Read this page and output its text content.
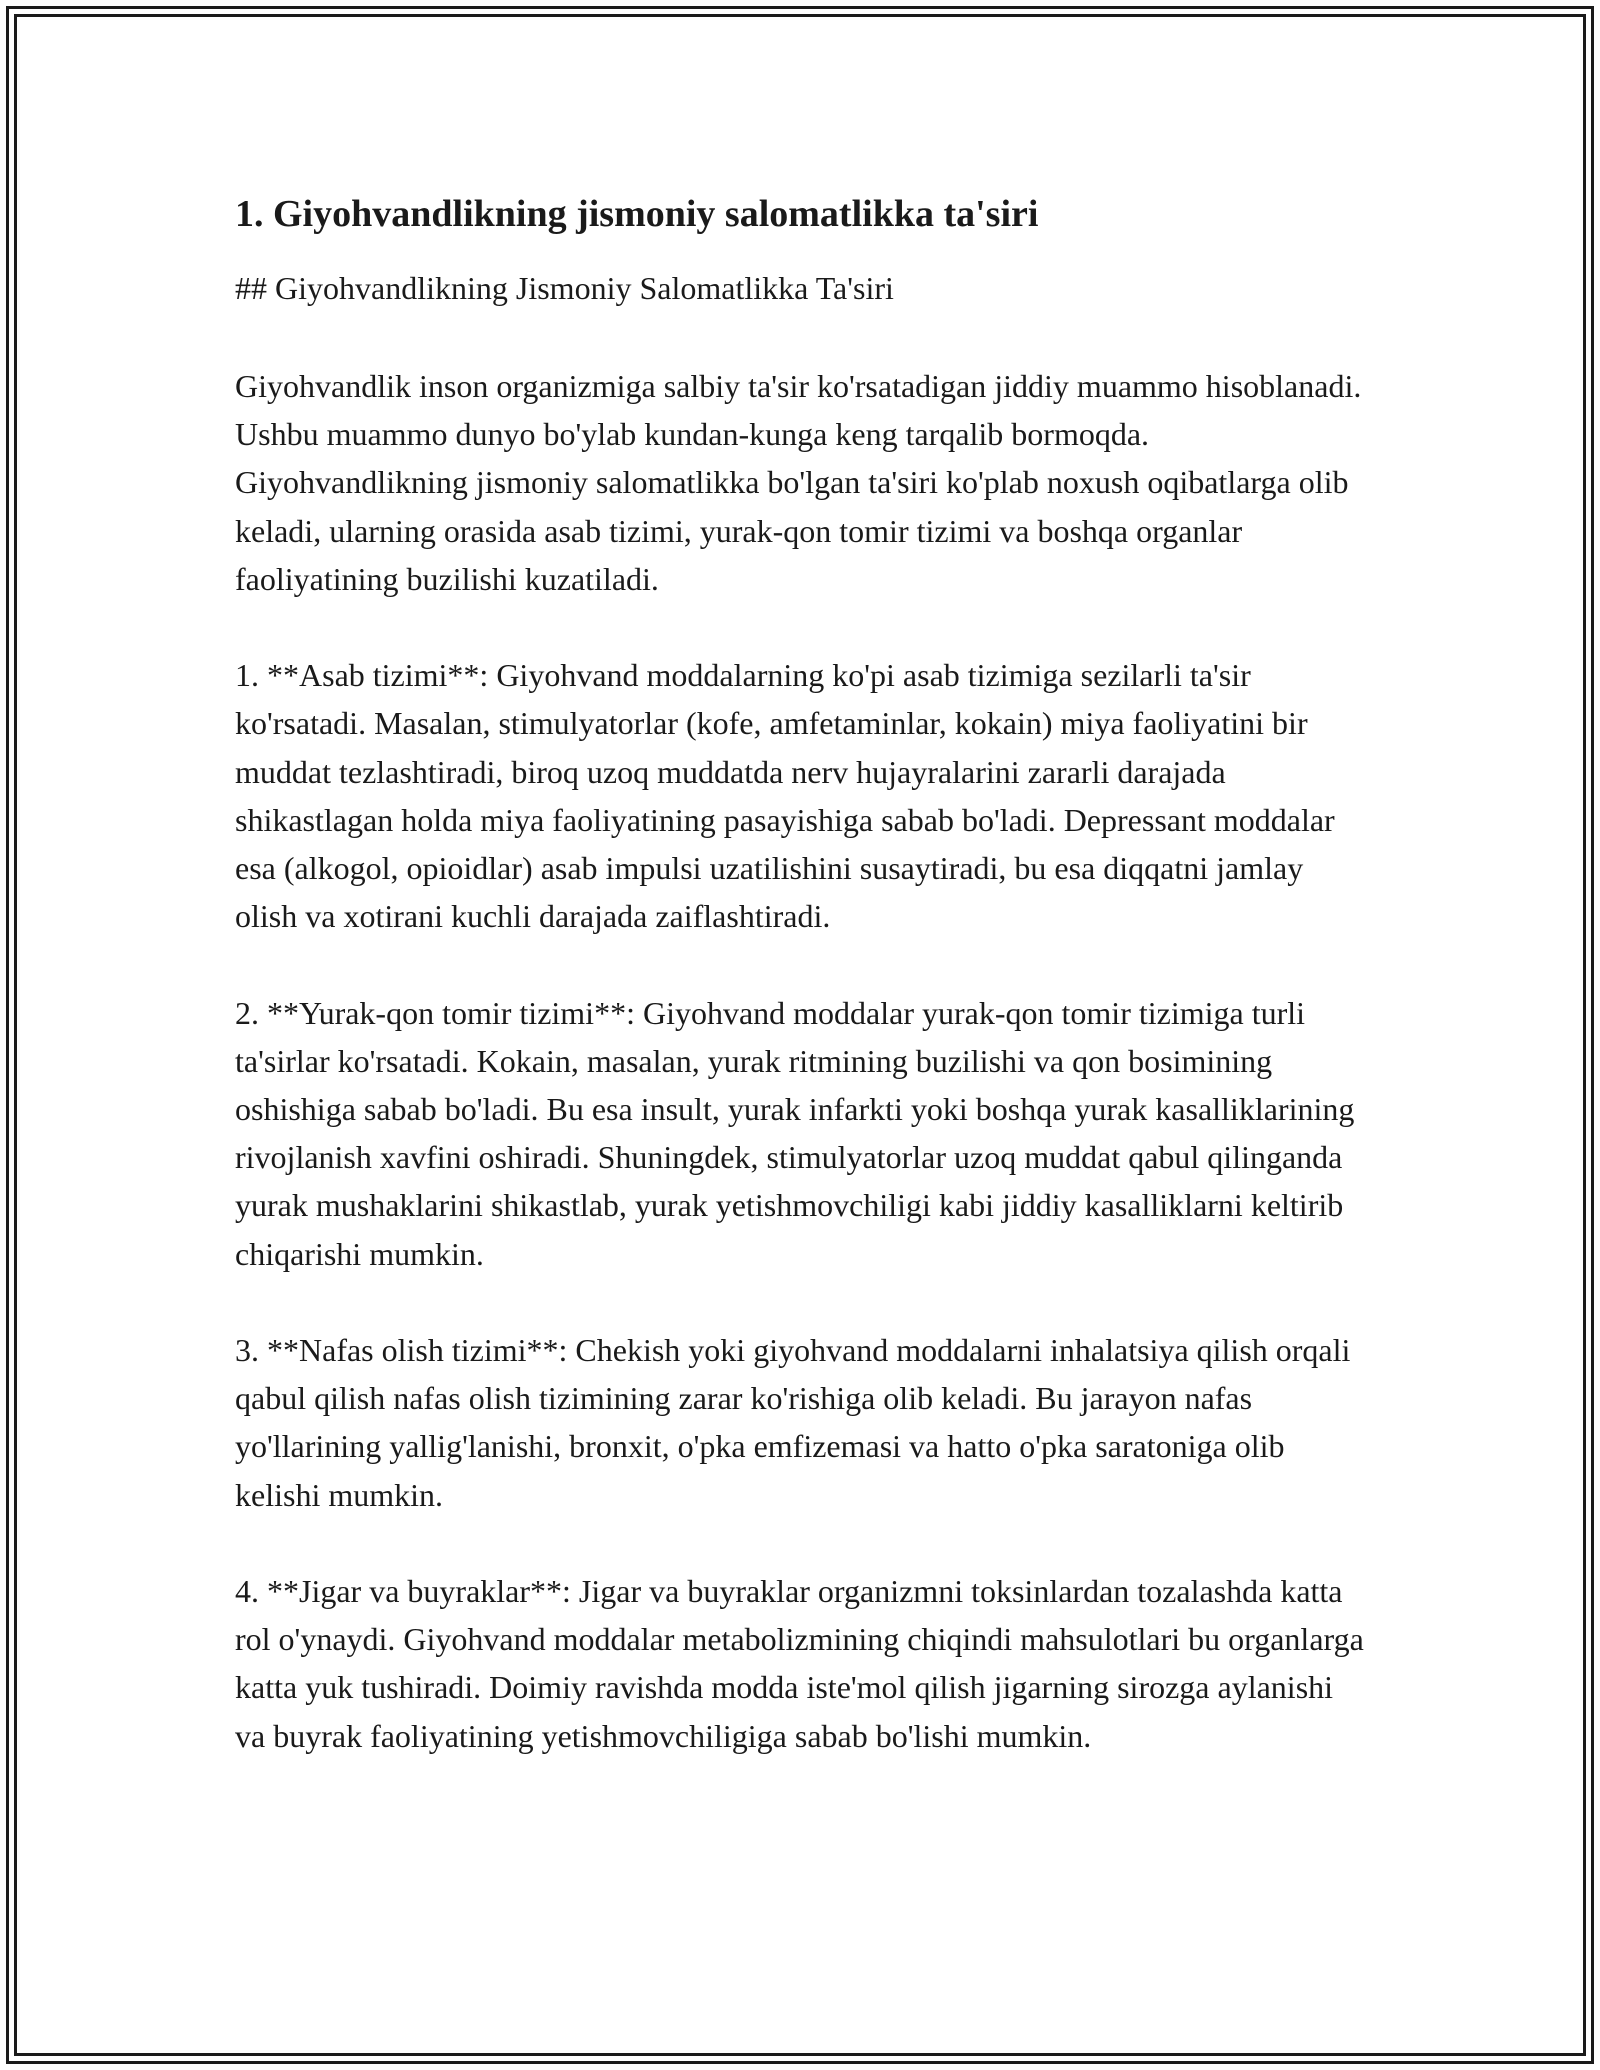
1. Giyohvandlikning jismoniy salomatlikka ta'siri

## Giyohvandlikning Jismoniy Salomatlikka Ta'siri

Giyohvandlik inson organizmiga salbiy ta'sir ko'rsatadigan jiddiy muammo hisoblanadi. Ushbu muammo dunyo bo'ylab kundan-kunga keng tarqalib bormoqda. Giyohvandlikning jismoniy salomatlikka bo'lgan ta'siri ko'plab noxush oqibatlarga olib keladi, ularning orasida asab tizimi, yurak-qon tomir tizimi va boshqa organlar faoliyatining buzilishi kuzatiladi.

1. **Asab tizimi**: Giyohvand moddalarning ko'pi asab tizimiga sezilarli ta'sir ko'rsatadi. Masalan, stimulyatorlar (kofe, amfetaminlar, kokain) miya faoliyatini bir muddat tezlashtiradi, biroq uzoq muddatda nerv hujayralarini zararli darajada shikastlagan holda miya faoliyatining pasayishiga sabab bo'ladi. Depressant moddalar esa (alkogol, opioidlar) asab impulsi uzatilishini susaytiradi, bu esa diqqatni jamlay olish va xotirani kuchli darajada zaiflashtiradi.

2. **Yurak-qon tomir tizimi**: Giyohvand moddalar yurak-qon tomir tizimiga turli ta'sirlar ko'rsatadi. Kokain, masalan, yurak ritmining buzilishi va qon bosimining oshishiga sabab bo'ladi. Bu esa insult, yurak infarkti yoki boshqa yurak kasalliklarining rivojlanish xavfini oshiradi. Shuningdek, stimulyatorlar uzoq muddat qabul qilinganda yurak mushaklarini shikastlab, yurak yetishmovchiligi kabi jiddiy kasalliklarni keltirib chiqarishi mumkin.

3. **Nafas olish tizimi**: Chekish yoki giyohvand moddalarni inhalatsiya qilish orqali qabul qilish nafas olish tizimining zarar ko'rishiga olib keladi. Bu jarayon nafas yo'llarining yallig'lanishi, bronxit, o'pka emfizemasi va hatto o'pka saratoniga olib kelishi mumkin.

4. **Jigar va buyraklar**: Jigar va buyraklar organizmni toksinlardan tozalashda katta rol o'ynaydi. Giyohvand moddalar metabolizmining chiqindi mahsulotlari bu organlarga katta yuk tushiradi. Doimiy ravishda modda iste'mol qilish jigarning sirozga aylanishi va buyrak faoliyatining yetishmovchiligiga sabab bo'lishi mumkin.
